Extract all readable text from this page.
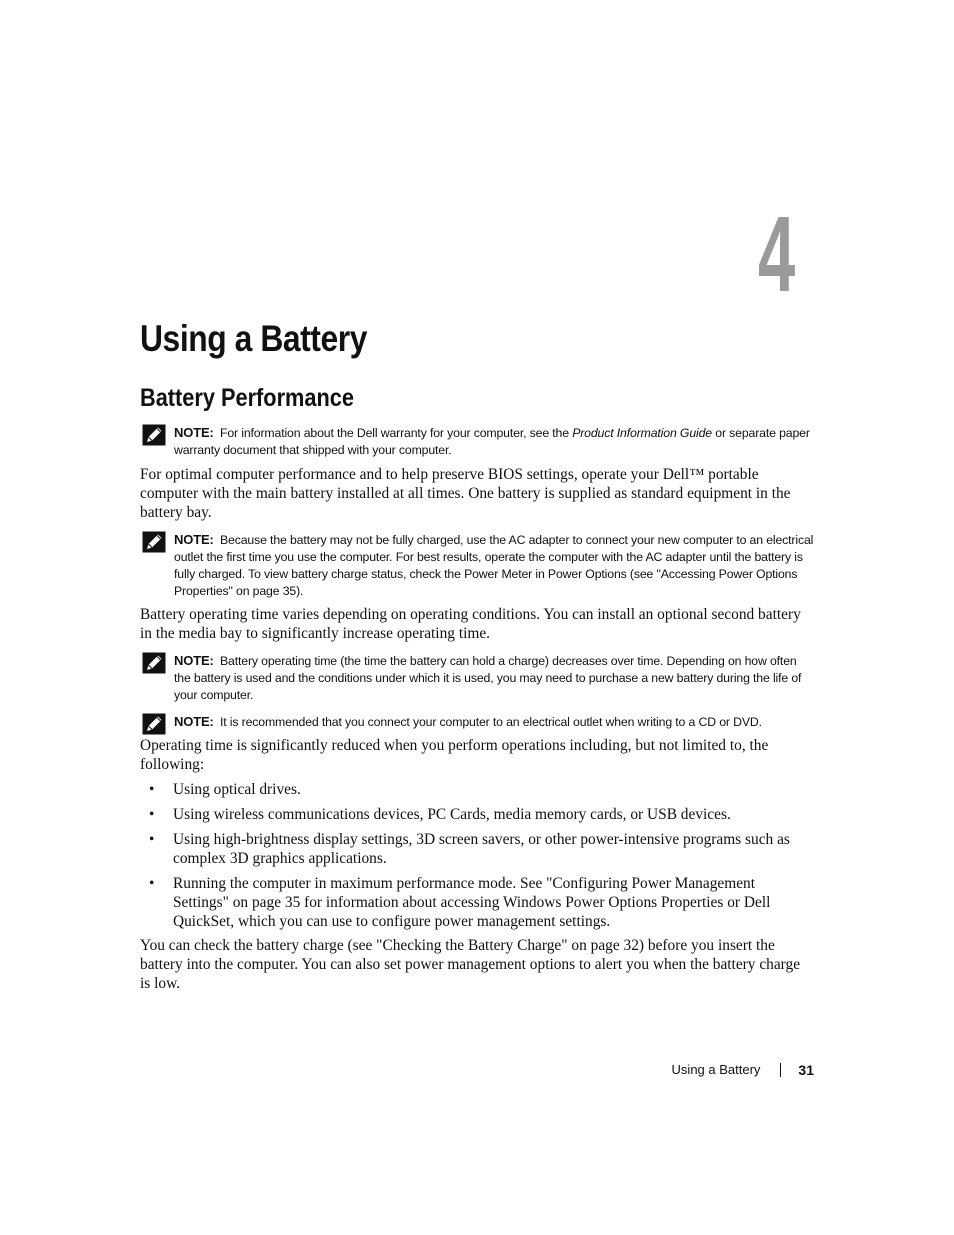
4
Using a Battery
Battery Performance
NOTE: For information about the Dell warranty for your computer, see the Product Information Guide or separate paper warranty document that shipped with your computer.

For optimal computer performance and to help preserve BIOS settings, operate your Dell™ portable computer with the main battery installed at all times. One battery is supplied as standard equipment in the battery bay.

NOTE: Because the battery may not be fully charged, use the AC adapter to connect your new computer to an electrical outlet the first time you use the computer. For best results, operate the computer with the AC adapter until the battery is fully charged. To view battery charge status, check the Power Meter in Power Options (see "Accessing Power Options Properties" on page 35).

Battery operating time varies depending on operating conditions. You can install an optional second battery in the media bay to significantly increase operating time.

NOTE: Battery operating time (the time the battery can hold a charge) decreases over time. Depending on how often the battery is used and the conditions under which it is used, you may need to purchase a new battery during the life of your computer.
NOTE: It is recommended that you connect your computer to an electrical outlet when writing to a CD or DVD.

Operating time is significantly reduced when you perform operations including, but not limited to, the following:

• Using optical drives.
• Using wireless communications devices, PC Cards, media memory cards, or USB devices.
• Using high-brightness display settings, 3D screen savers, or other power-intensive programs such as complex 3D graphics applications.
• Running the computer in maximum performance mode. See "Configuring Power Management Settings" on page 35 for information about accessing Windows Power Options Properties or Dell QuickSet, which you can use to configure power management settings.

You can check the battery charge (see "Checking the Battery Charge" on page 32) before you insert the battery into the computer. You can also set power management options to alert you when the battery charge is low.

Using a Battery	31
